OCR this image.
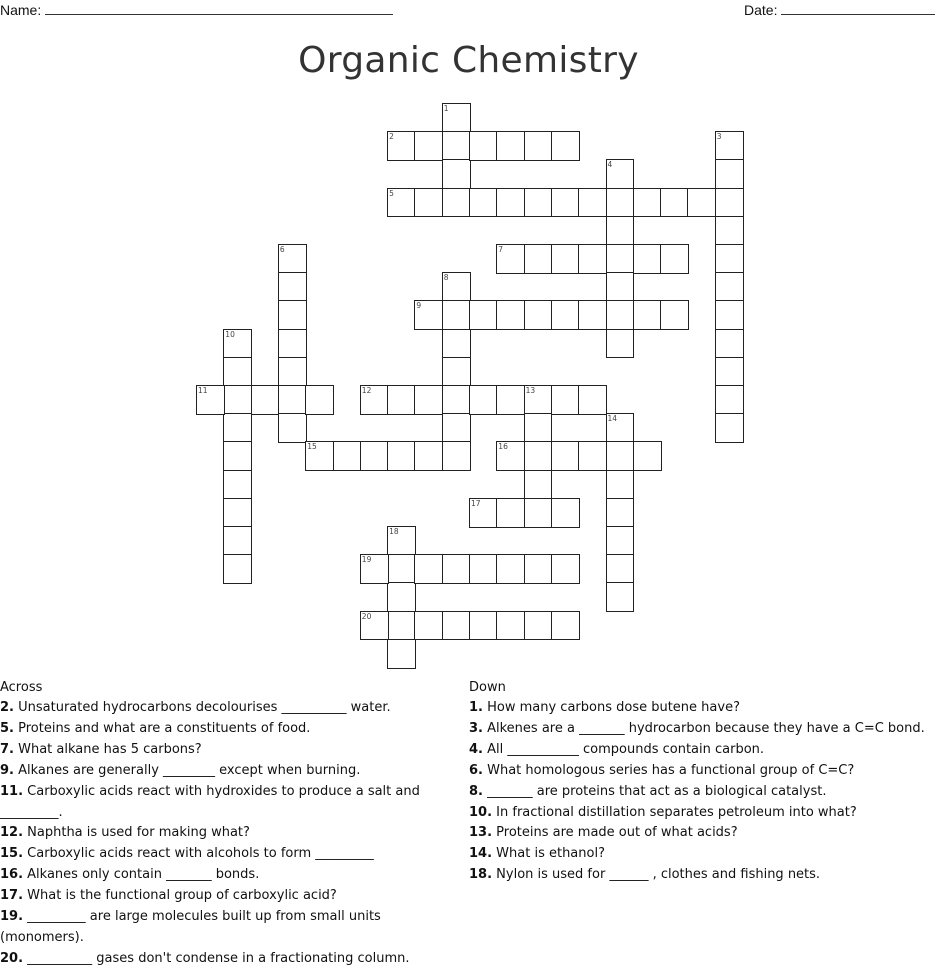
Name:	Date:
Organic Chemistry
1
2	3
4
5
6	7
8
9
10
11	12	13
14
15	16
17
18
19
20
Across
2. Unsaturated hydrocarbons decolourises __________ water.
5. Proteins and what are a constituents of food.
7. What alkane has 5 carbons?
9. Alkanes are generally ________ except when burning.
11. Carboxylic acids react with hydroxides to produce a salt and _________.
12. Naphtha is used for making what?
15. Carboxylic acids react with alcohols to form _________
16. Alkanes only contain _______ bonds.
17. What is the functional group of carboxylic acid?
19. _________ are large molecules built up from small units (monomers).
20. __________ gases don't condense in a fractionating column.
Down
1. How many carbons dose butene have?
3. Alkenes are a _______ hydrocarbon because they have a C=C bond.
4. All ___________ compounds contain carbon.
6. What homologous series has a functional group of C=C?
8. _______ are proteins that act as a biological catalyst.
10. In fractional distillation separates petroleum into what?
13. Proteins are made out of what acids?
14. What is ethanol?
18. Nylon is used for ______ , clothes and fishing nets.
